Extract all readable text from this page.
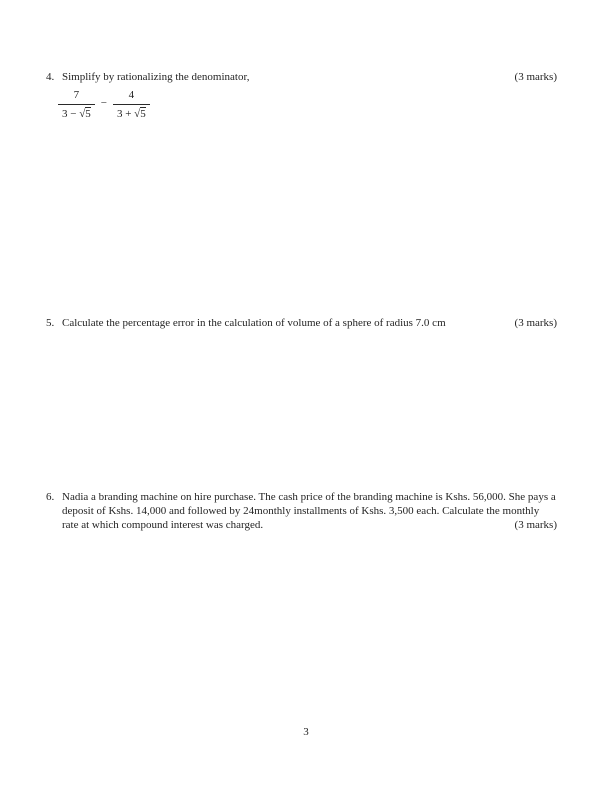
4. Simplify by rationalizing the denominator,	(3 marks)
$\frac{7}{3 - √5} - \frac{4}{3 + √5}$
5. Calculate the percentage error in the calculation of volume of a sphere of radius 7.0 cm	(3 marks)
6. Nadia a branding machine on hire purchase. The cash price of the branding machine is Kshs. 56,000. She pays a deposit of Kshs. 14,000 and followed by 24monthly installments of Kshs. 3,500 each. Calculate the monthly rate at which compound interest was charged.	(3 marks)
3
